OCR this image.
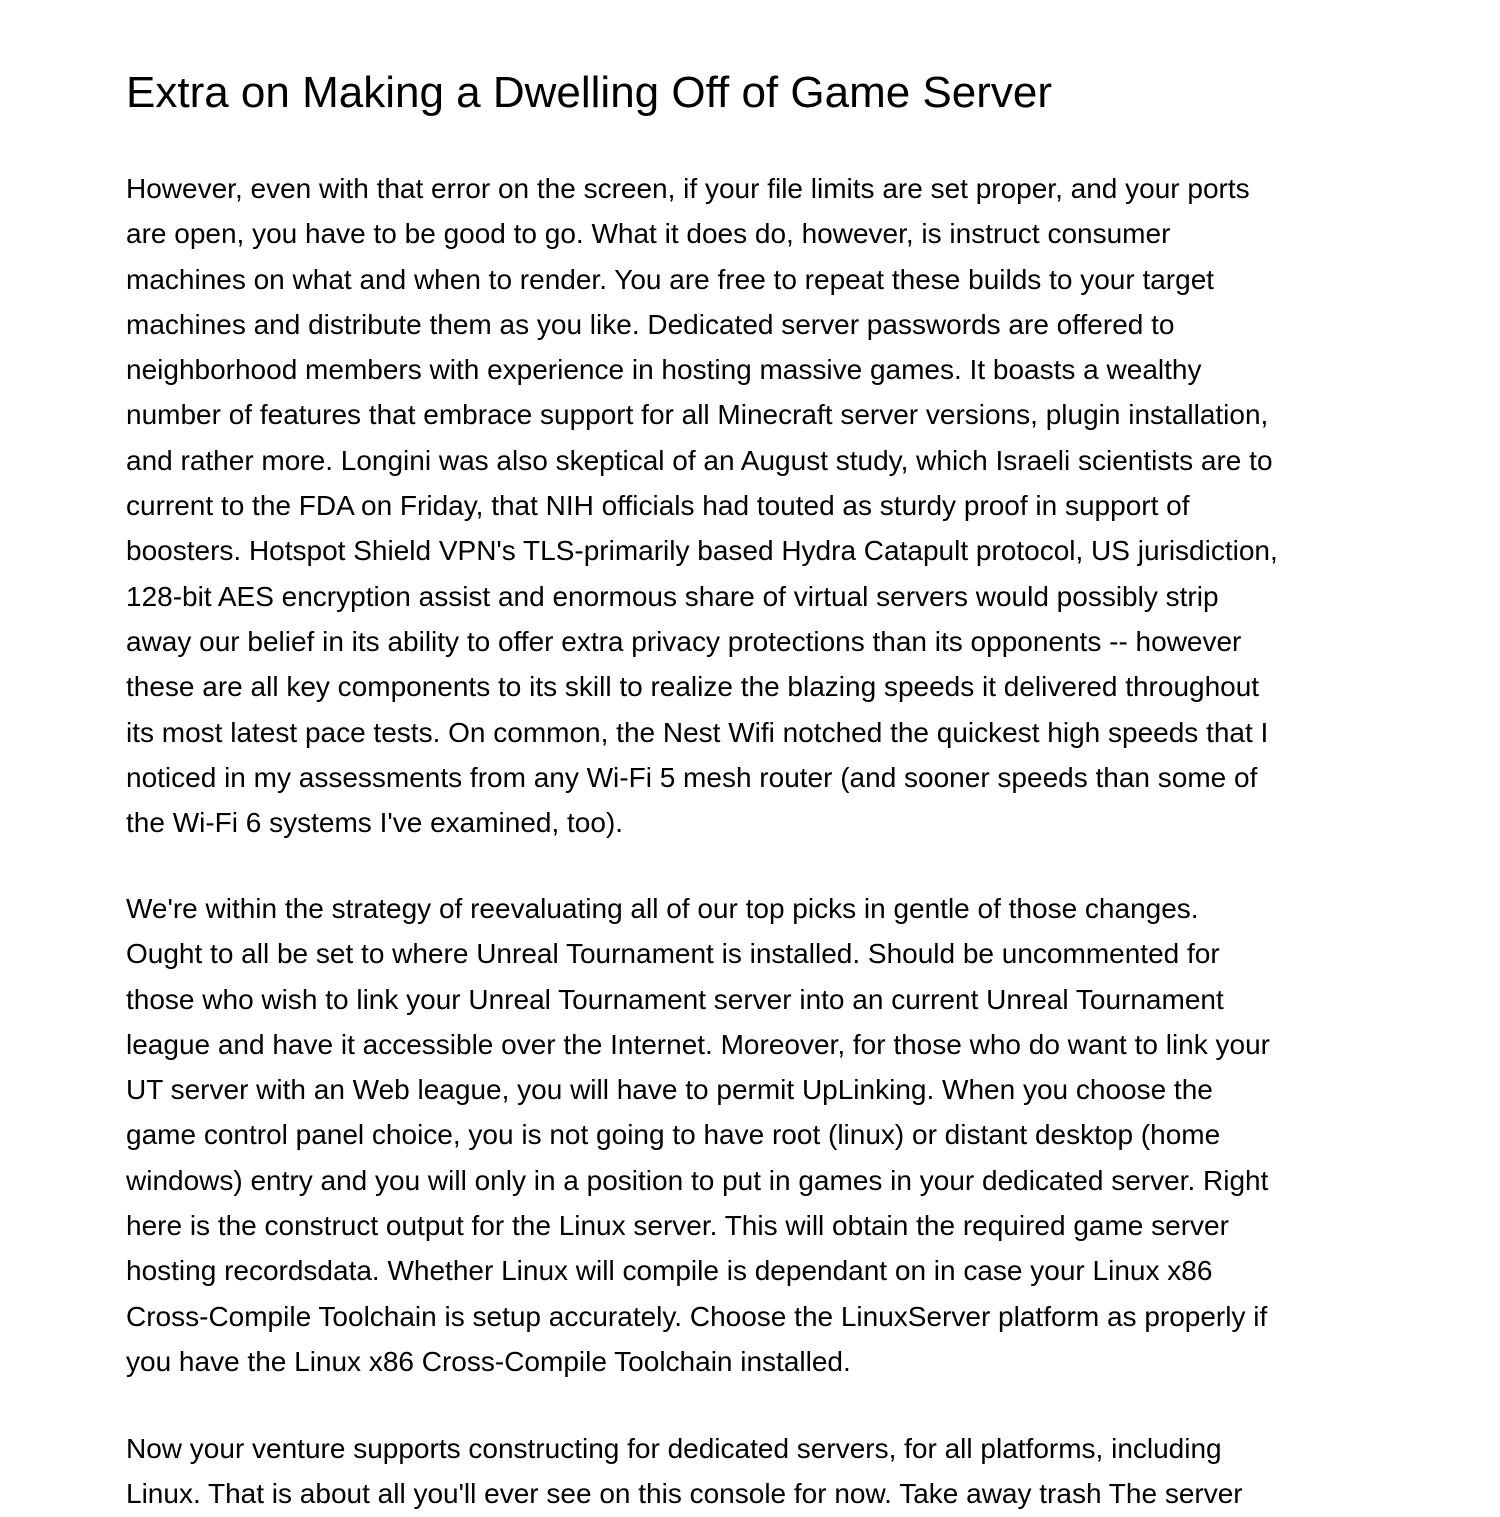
Extra on Making a Dwelling Off of Game Server
However, even with that error on the screen, if your file limits are set proper, and your ports
are open, you have to be good to go. What it does do, however, is instruct consumer
machines on what and when to render. You are free to repeat these builds to your target
machines and distribute them as you like. Dedicated server passwords are offered to
neighborhood members with experience in hosting massive games. It boasts a wealthy
number of features that embrace support for all Minecraft server versions, plugin installation,
and rather more. Longini was also skeptical of an August study, which Israeli scientists are to
current to the FDA on Friday, that NIH officials had touted as sturdy proof in support of
boosters. Hotspot Shield VPN's TLS-primarily based Hydra Catapult protocol, US jurisdiction,
128-bit AES encryption assist and enormous share of virtual servers would possibly strip
away our belief in its ability to offer extra privacy protections than its opponents -- however
these are all key components to its skill to realize the blazing speeds it delivered throughout
its most latest pace tests. On common, the Nest Wifi notched the quickest high speeds that I
noticed in my assessments from any Wi-Fi 5 mesh router (and sooner speeds than some of
the Wi-Fi 6 systems I've examined, too).
We're within the strategy of reevaluating all of our top picks in gentle of those changes.
Ought to all be set to where Unreal Tournament is installed. Should be uncommented for
those who wish to link your Unreal Tournament server into an current Unreal Tournament
league and have it accessible over the Internet. Moreover, for those who do want to link your
UT server with an Web league, you will have to permit UpLinking. When you choose the
game control panel choice, you is not going to have root (linux) or distant desktop (home
windows) entry and you will only in a position to put in games in your dedicated server. Right
here is the construct output for the Linux server. This will obtain the required game server
hosting recordsdata. Whether Linux will compile is dependant on in case your Linux x86
Cross-Compile Toolchain is setup accurately. Choose the LinuxServer platform as properly if
you have the Linux x86 Cross-Compile Toolchain installed.
Now your venture supports constructing for dedicated servers, for all platforms, including
Linux. That is about all you'll ever see on this console for now. Take away trash The server
